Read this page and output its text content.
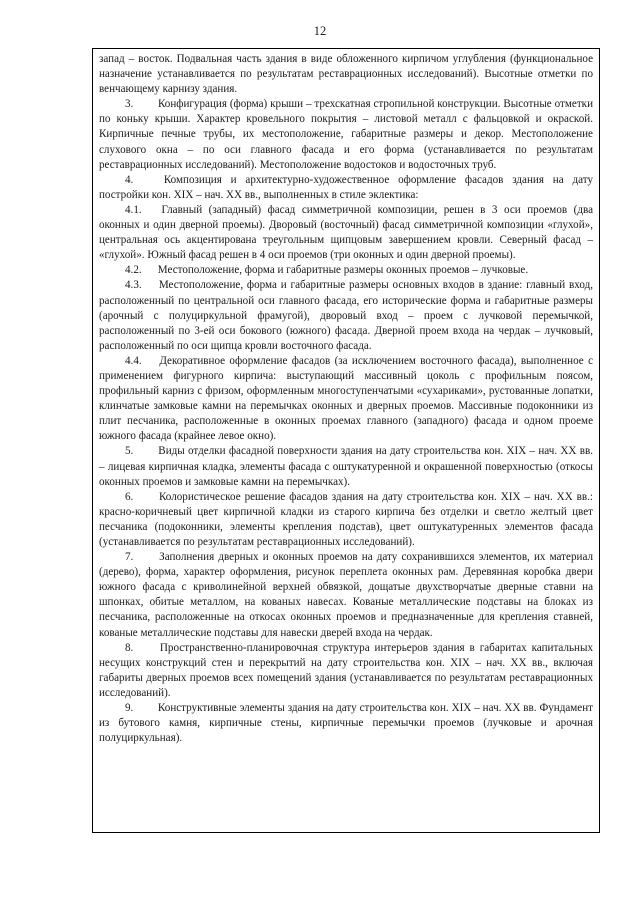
12

запад – восток. Подвальная часть здания в виде обложенного кирпичом углубления (функциональное назначение устанавливается по результатам реставрационных исследований). Высотные отметки по венчающему карнизу здания.

3. Конфигурация (форма) крыши – трехскатная стропильной конструкции. Высотные отметки по коньку крыши. Характер кровельного покрытия – листовой металл с фальцовкой и окраской. Кирпичные печные трубы, их местоположение, габаритные размеры и декор. Местоположение слухового окна – по оси главного фасада и его форма (устанавливается по результатам реставрационных исследований). Местоположение водостоков и водосточных труб.

4.	Композиция и архитектурно-художественное оформление фасадов здания на дату постройки кон. XIX – нач. XX вв., выполненных в стиле эклектика:

4.1. Главный (западный) фасад симметричной композиции, решен в 3 оси проемов (два оконных и один дверной проемы). Дворовый (восточный) фасад симметричной композиции «глухой», центральная ось акцентирована треугольным щипцовым завершением кровли. Северный фасад – «глухой». Южный фасад решен в 4 оси проемов (три оконных и один дверной проемы).

4.2. Местоположение, форма и габаритные размеры оконных проемов – лучковые.

4.3. Местоположение, форма и габаритные размеры основных входов в здание: главный вход, расположенный по центральной оси главного фасада, его исторические форма и габаритные размеры (арочный с полуциркульной фрамугой), дворовый вход – проем с лучковой перемычкой, расположенный по 3-ей оси бокового (южного) фасада. Дверной проем входа на чердак – лучковый, расположенный по оси щипца кровли восточного фасада.

4.4. Декоративное оформление фасадов (за исключением восточного фасада), выполненное с применением фигурного кирпича: выступающий массивный цоколь с профильным поясом, профильный карниз с фризом, оформленным многоступенчатыми «сухариками», рустованные лопатки, клинчатые замковые камни на перемычках оконных и дверных проемов. Массивные подоконники из плит песчаника, расположенные в оконных проемах главного (западного) фасада и одном проеме южного фасада (крайнее левое окно).

5. Виды отделки фасадной поверхности здания на дату строительства кон. XIX – нач. XX вв. – лицевая кирпичная кладка, элементы фасада с оштукатуренной и окрашенной поверхностью (откосы оконных проемов и замковые камни на перемычках).

6. Колористическое решение фасадов здания на дату строительства кон. XIX – нач. XX вв.: красно-коричневый цвет кирпичной кладки из старого кирпича без отделки и светло желтый цвет песчаника (подоконники, элементы крепления подстав), цвет оштукатуренных элементов фасада (устанавливается по результатам реставрационных исследований).

7. Заполнения дверных и оконных проемов на дату сохранившихся элементов, их материал (дерево), форма, характер оформления, рисунок переплета оконных рам. Деревянная коробка двери южного фасада с криволинейной верхней обвязкой, дощатые двухстворчатые дверные ставни на шпонках, обитые металлом, на кованых навесах. Кованые металлические подставы на блоках из песчаника, расположенные на откосах оконных проемов и предназначенные для крепления ставней, кованые металлические подставы для навески дверей входа на чердак.

8. Пространственно-планировочная структура интерьеров здания в габаритах капитальных несущих конструкций стен и перекрытий на дату строительства кон. XIX – нач. XX вв., включая габариты дверных проемов всех помещений здания (устанавливается по результатам реставрационных исследований).

9. Конструктивные элементы здания на дату строительства кон. XIX – нач. XX вв. Фундамент из бутового камня, кирпичные стены, кирпичные перемычки проемов (лучковые и арочная полуциркульная).
